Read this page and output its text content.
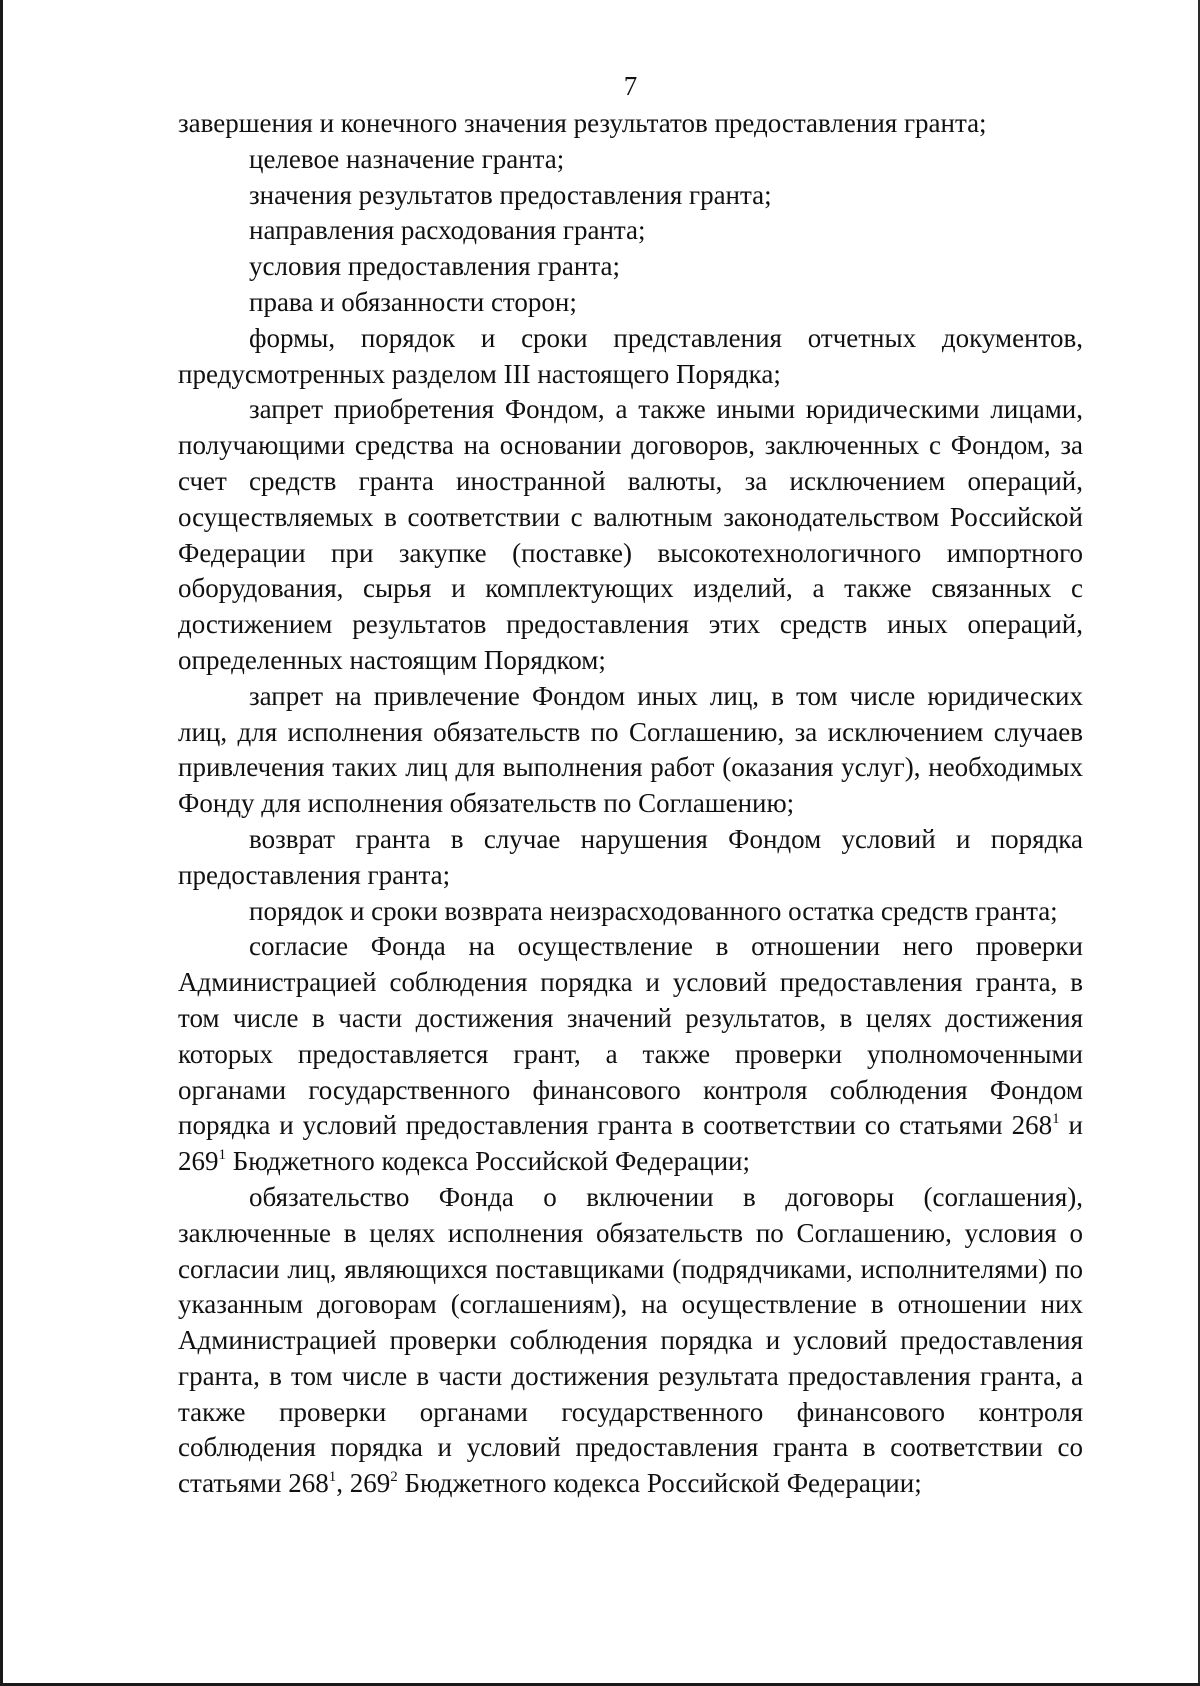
7

завершения и конечного значения результатов предоставления гранта;

целевое назначение гранта;

значения результатов предоставления гранта;

направления расходования гранта;

условия предоставления гранта;

права и обязанности сторон;

формы, порядок и сроки представления отчетных документов, предусмотренных разделом III настоящего Порядка;

запрет приобретения Фондом, а также иными юридическими лицами, получающими средства на основании договоров, заключенных с Фондом, за счет средств гранта иностранной валюты, за исключением операций, осуществляемых в соответствии с валютным законодательством Российской Федерации при закупке (поставке) высокотехнологичного импортного оборудования, сырья и комплектующих изделий, а также связанных с достижением результатов предоставления этих средств иных операций, определенных настоящим Порядком;

запрет на привлечение Фондом иных лиц, в том числе юридических лиц, для исполнения обязательств по Соглашению, за исключением случаев привлечения таких лиц для выполнения работ (оказания услуг), необходимых Фонду для исполнения обязательств по Соглашению;

возврат гранта в случае нарушения Фондом условий и порядка предоставления гранта;

порядок и сроки возврата неизрасходованного остатка средств гранта;

согласие Фонда на осуществление в отношении него проверки Администрацией соблюдения порядка и условий предоставления гранта, в том числе в части достижения значений результатов, в целях достижения которых предоставляется грант, а также проверки уполномоченными органами государственного финансового контроля соблюдения Фондом порядка и условий предоставления гранта в соответствии со статьями $268^1$ и $269^1$ Бюджетного кодекса Российской Федерации;

обязательство Фонда о включении в договоры (соглашения), заключенные в целях исполнения обязательств по Соглашению, условия о согласии лиц, являющихся поставщиками (подрядчиками, исполнителями) по указанным договорам (соглашениям), на осуществление в отношении них Администрацией проверки соблюдения порядка и условий предоставления гранта, в том числе в части достижения результата предоставления гранта, а также проверки органами государственного финансового контроля соблюдения порядка и условий предоставления гранта в соответствии со статьями $268^1$, $269^2$ Бюджетного кодекса Российской Федерации;
